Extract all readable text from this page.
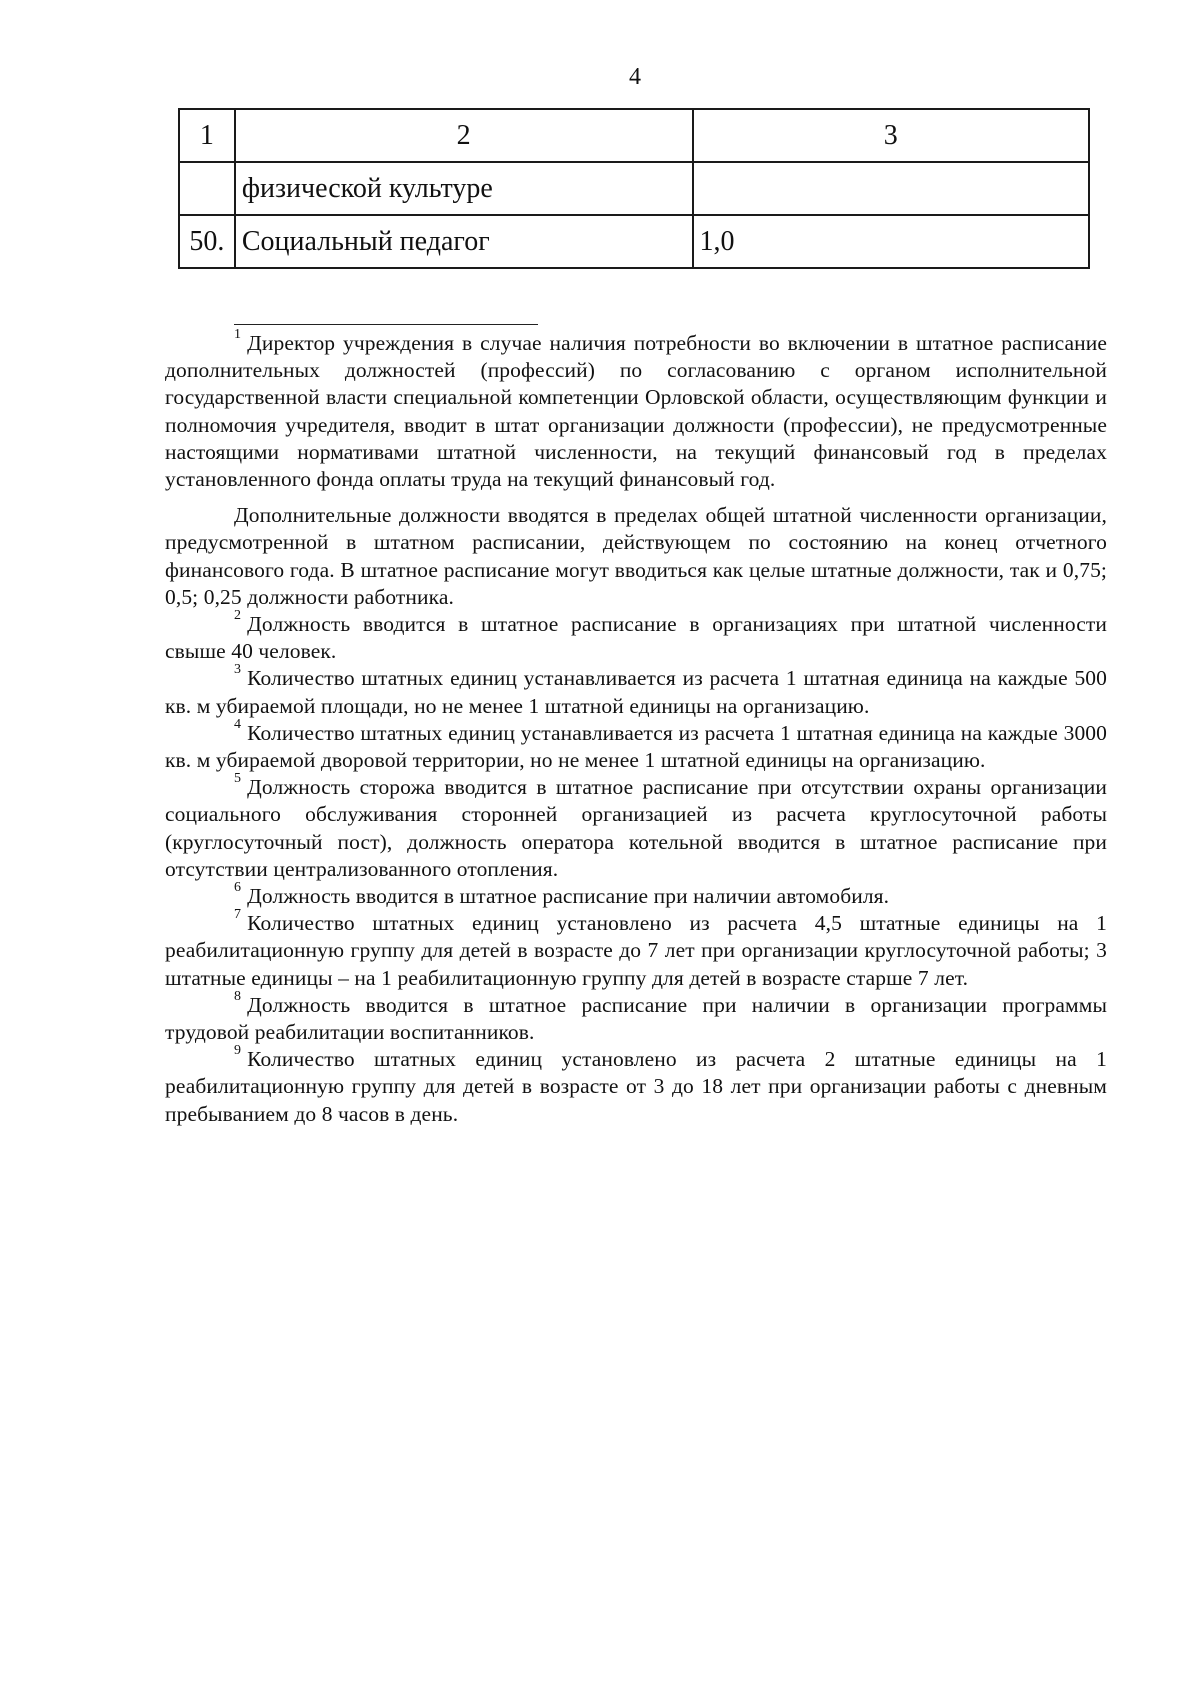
4
1	2	3
	физической культуре	
50.	Социальный педагог	1,0

$^1$ Директор учреждения в случае наличия потребности во включении в штатное расписание дополнительных должностей (профессий) по согласованию с органом исполнительной государственной власти специальной компетенции Орловской области, осуществляющим функции и полномочия учредителя, вводит в штат организации должности (профессии), не предусмотренные настоящими нормативами штатной численности, на текущий финансовый год в пределах установленного фонда оплаты труда на текущий финансовый год.

Дополнительные должности вводятся в пределах общей штатной численности организации, предусмотренной в штатном расписании, действующем по состоянию на конец отчетного финансового года. В штатное расписание могут вводиться как целые штатные должности, так и 0,75; 0,5; 0,25 должности работника.

$^2$ Должность вводится в штатное расписание в организациях при штатной численности свыше 40 человек.

$^3$ Количество штатных единиц устанавливается из расчета 1 штатная единица на каждые 500 кв. м убираемой площади, но не менее 1 штатной единицы на организацию.

$^4$ Количество штатных единиц устанавливается из расчета 1 штатная единица на каждые 3000 кв. м убираемой дворовой территории, но не менее 1 штатной единицы на организацию.

$^5$ Должность сторожа вводится в штатное расписание при отсутствии охраны организации социального обслуживания сторонней организацией из расчета круглосуточной работы (круглосуточный пост), должность оператора котельной вводится в штатное расписание при отсутствии централизованного отопления.

$^6$ Должность вводится в штатное расписание при наличии автомобиля.

$^7$ Количество штатных единиц установлено из расчета 4,5 штатные единицы на 1 реабилитационную группу для детей в возрасте до 7 лет при организации круглосуточной работы; 3 штатные единицы – на 1 реабилитационную группу для детей в возрасте старше 7 лет.

$^8$ Должность вводится в штатное расписание при наличии в организации программы трудовой реабилитации воспитанников.

$^9$ Количество штатных единиц установлено из расчета 2 штатные единицы на 1 реабилитационную группу для детей в возрасте от 3 до 18 лет при организации работы с дневным пребыванием до 8 часов в день.
